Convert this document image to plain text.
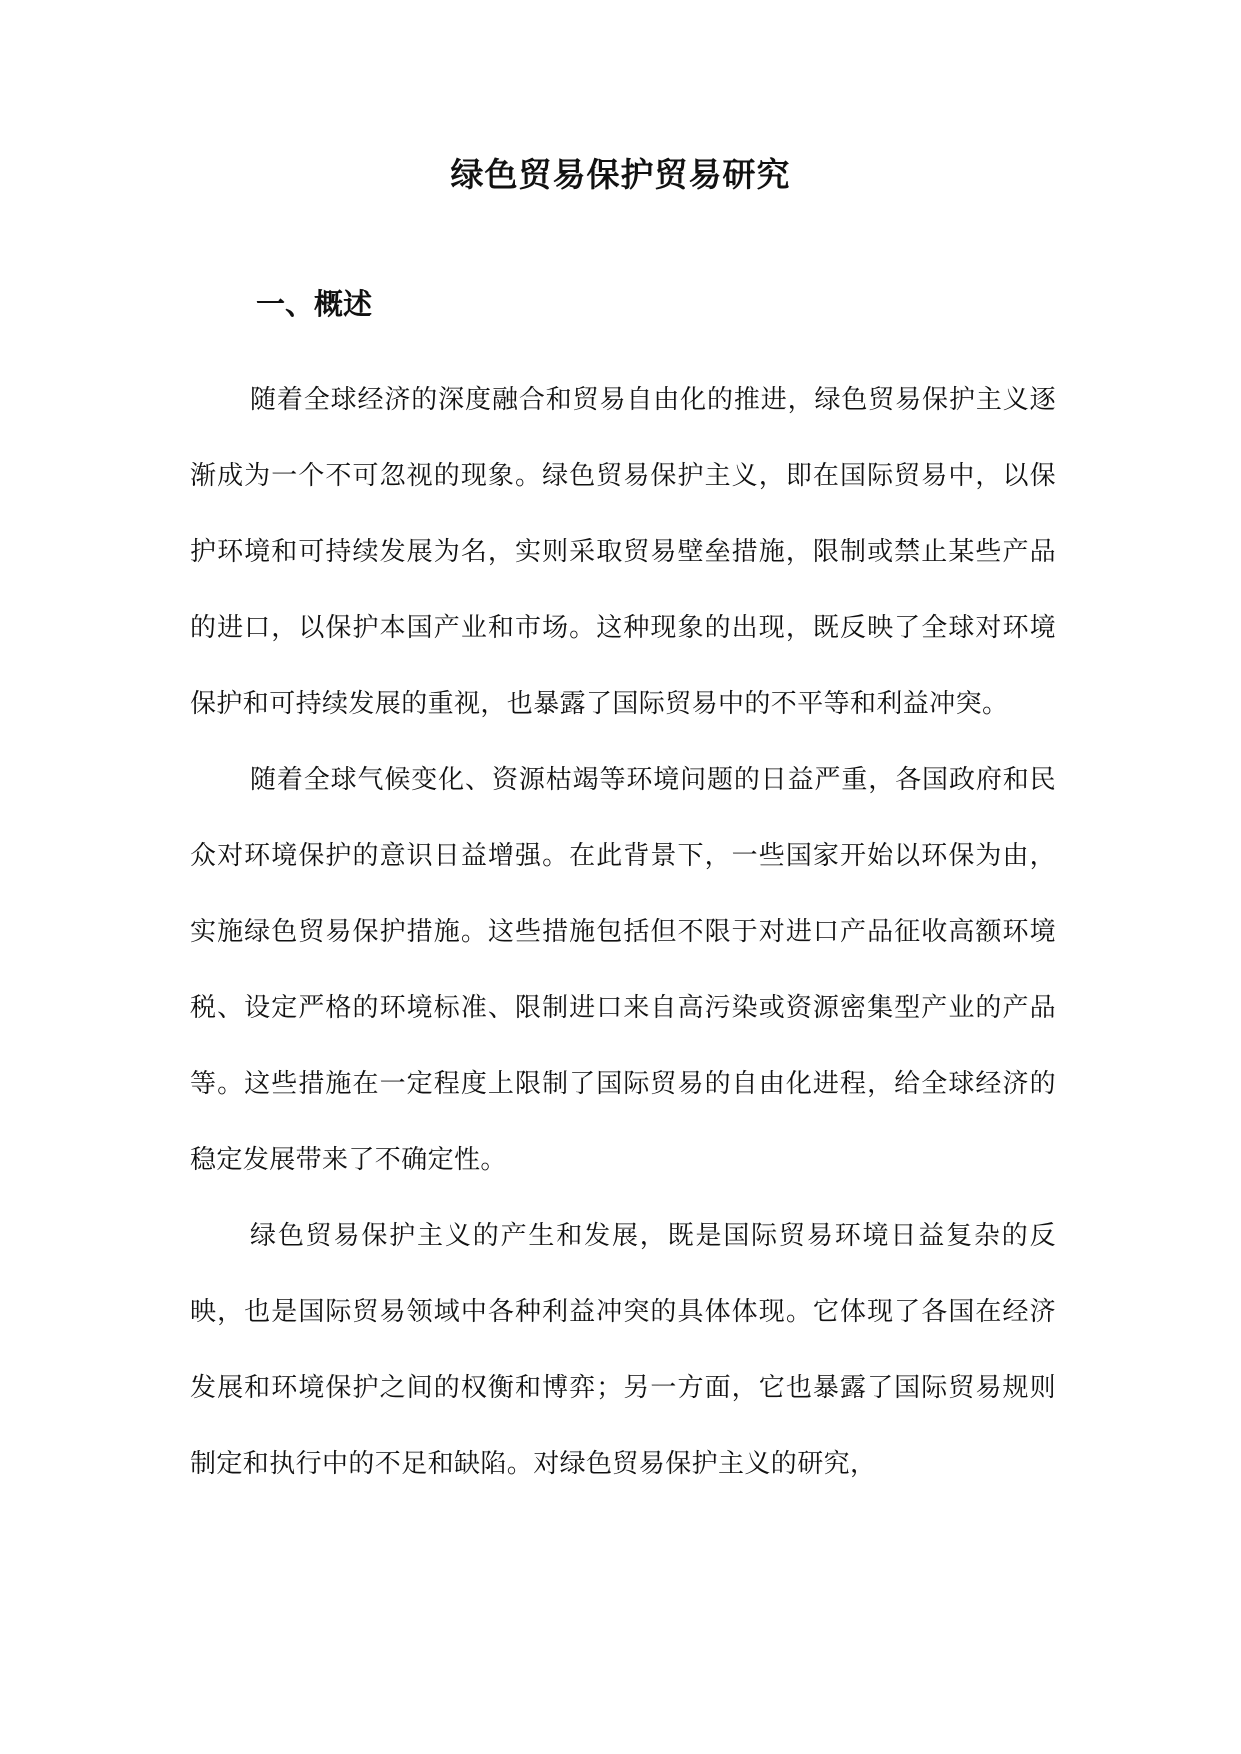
绿色贸易保护贸易研究
一、概述

随着全球经济的深度融合和贸易自由化的推进，绿色贸易保护主义逐渐成为一个不可忽视的现象。绿色贸易保护主义，即在国际贸易中，以保护环境和可持续发展为名，实则采取贸易壁垒措施，限制或禁止某些产品的进口，以保护本国产业和市场。这种现象的出现，既反映了全球对环境保护和可持续发展的重视，也暴露了国际贸易中的不平等和利益冲突。

随着全球气候变化、资源枯竭等环境问题的日益严重，各国政府和民众对环境保护的意识日益增强。在此背景下，一些国家开始以环保为由，实施绿色贸易保护措施。这些措施包括但不限于对进口产品征收高额环境税、设定严格的环境标准、限制进口来自高污染或资源密集型产业的产品等。这些措施在一定程度上限制了国际贸易的自由化进程，给全球经济的稳定发展带来了不确定性。

绿色贸易保护主义的产生和发展，既是国际贸易环境日益复杂的反映，也是国际贸易领域中各种利益冲突的具体体现。它体现了各国在经济发展和环境保护之间的权衡和博弈；另一方面，它也暴露了国际贸易规则制定和执行中的不足和缺陷。对绿色贸易保护主义的研究，
